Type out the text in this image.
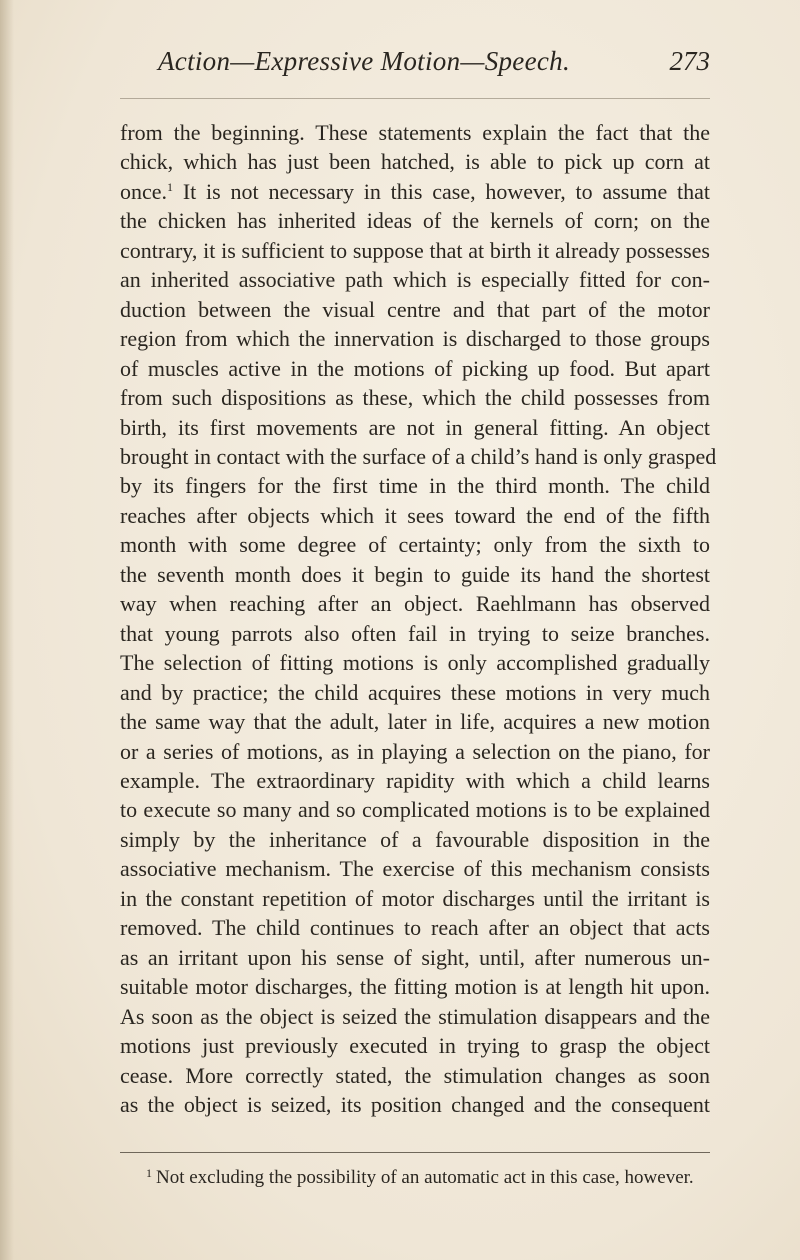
Action—Expressive Motion—Speech.	273
from the beginning. These statements explain the fact that the
chick, which has just been hatched, is able to pick up corn at
once.$^1$ It is not necessary in this case, however, to assume that
the chicken has inherited ideas of the kernels of corn; on the
contrary, it is sufficient to suppose that at birth it already possesses
an inherited associative path which is especially fitted for con-
duction between the visual centre and that part of the motor
region from which the innervation is discharged to those groups
of muscles active in the motions of picking up food. But apart
from such dispositions as these, which the child possesses from
birth, its first movements are not in general fitting. An object
brought in contact with the surface of a child’s hand is only grasped
by its fingers for the first time in the third month. The child
reaches after objects which it sees toward the end of the fifth
month with some degree of certainty; only from the sixth to
the seventh month does it begin to guide its hand the shortest
way when reaching after an object. Raehlmann has observed
that young parrots also often fail in trying to seize branches.
The selection of fitting motions is only accomplished gradually
and by practice; the child acquires these motions in very much
the same way that the adult, later in life, acquires a new motion
or a series of motions, as in playing a selection on the piano, for
example. The extraordinary rapidity with which a child learns
to execute so many and so complicated motions is to be explained
simply by the inheritance of a favourable disposition in the
associative mechanism. The exercise of this mechanism consists
in the constant repetition of motor discharges until the irritant is
removed. The child continues to reach after an object that acts
as an irritant upon his sense of sight, until, after numerous un-
suitable motor discharges, the fitting motion is at length hit upon.
As soon as the object is seized the stimulation disappears and the
motions just previously executed in trying to grasp the object
cease. More correctly stated, the stimulation changes as soon
as the object is seized, its position changed and the consequent
$^1$ Not excluding the possibility of an automatic act in this case, however.
